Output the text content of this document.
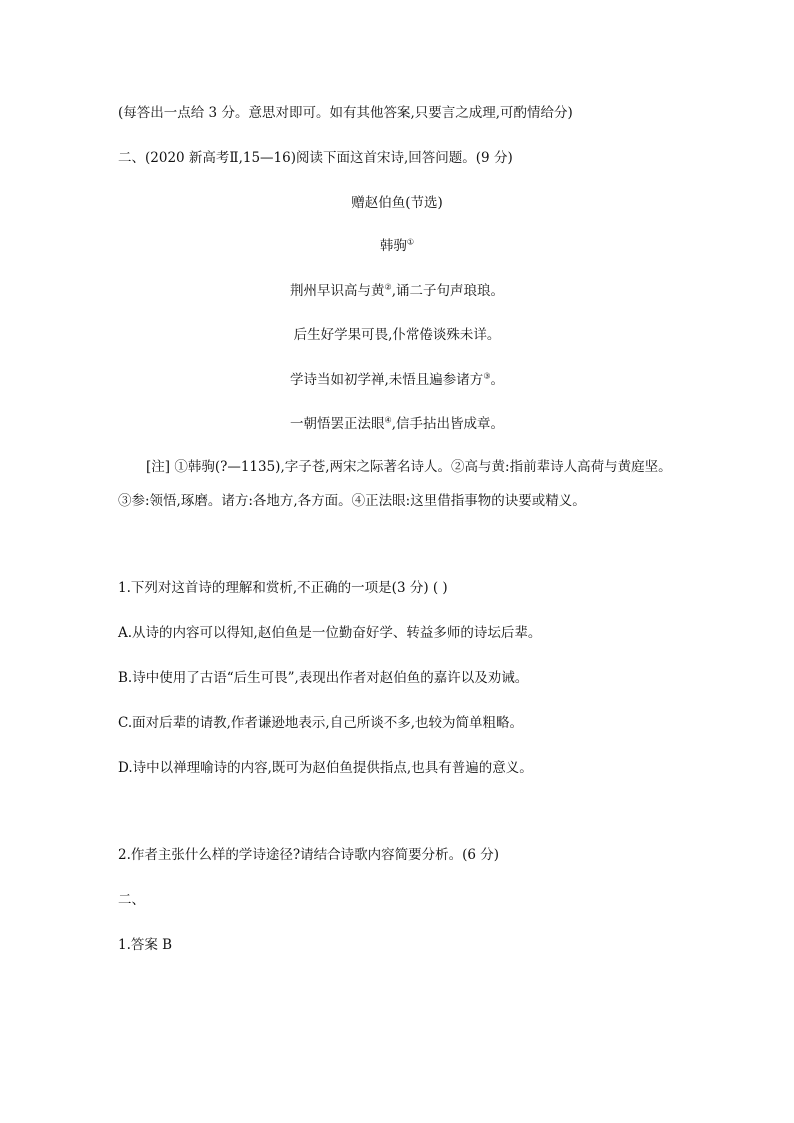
(每答出一点给 3 分。意思对即可。如有其他答案,只要言之成理,可酌情给分)
二、(2020 新高考Ⅱ,15—16)阅读下面这首宋诗,回答问题。(9 分)
赠赵伯鱼(节选)
韩驹①
荆州早识高与黄②,诵二子句声琅琅。
后生好学果可畏,仆常倦谈殊未详。
学诗当如初学禅,未悟且遍参诸方③。
一朝悟罢正法眼④,信手拈出皆成章。
[注] ①韩驹(?—1135),字子苍,两宋之际著名诗人。②高与黄:指前辈诗人高荷与黄庭坚。③参:领悟,琢磨。诸方:各地方,各方面。④正法眼:这里借指事物的诀要或精义。
1.下列对这首诗的理解和赏析,不正确的一项是(3 分) ( )
A.从诗的内容可以得知,赵伯鱼是一位勤奋好学、转益多师的诗坛后辈。
B.诗中使用了古语“后生可畏”,表现出作者对赵伯鱼的嘉许以及劝诫。
C.面对后辈的请教,作者谦逊地表示,自己所谈不多,也较为简单粗略。
D.诗中以禅理喻诗的内容,既可为赵伯鱼提供指点,也具有普遍的意义。
2.作者主张什么样的学诗途径?请结合诗歌内容简要分析。(6 分)
二、
1.答案 B
